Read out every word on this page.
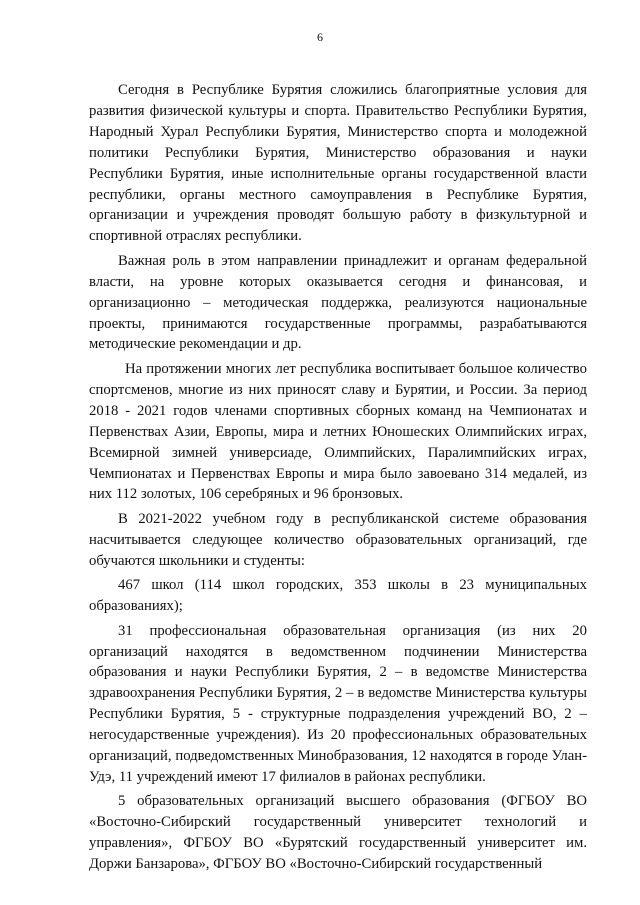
6

Сегодня в Республике Бурятия сложились благоприятные условия для развития физической культуры и спорта. Правительство Республики Бурятия, Народный Хурал Республики Бурятия, Министерство спорта и молодежной политики Республики Бурятия, Министерство образования и науки Республики Бурятия, иные исполнительные органы государственной власти республики, органы местного самоуправления в Республике Бурятия, организации и учреждения проводят большую работу в физкультурной и спортивной отраслях республики.

Важная роль в этом направлении принадлежит и органам федеральной власти, на уровне которых оказывается сегодня и финансовая, и организационно – методическая поддержка, реализуются национальные проекты, принимаются государственные программы, разрабатываются методические рекомендации и др.

На протяжении многих лет республика воспитывает большое количество спортсменов, многие из них приносят славу и Бурятии, и России. За период 2018 - 2021 годов членами спортивных сборных команд на Чемпионатах и Первенствах Азии, Европы, мира и летних Юношеских Олимпийских играх, Всемирной зимней универсиаде, Олимпийских, Паралимпийских играх, Чемпионатах и Первенствах Европы и мира было завоевано 314 медалей, из них 112 золотых, 106 серебряных и 96 бронзовых.

В 2021-2022 учебном году в республиканской системе образования насчитывается следующее количество образовательных организаций, где обучаются школьники и студенты:

467 школ (114 школ городских, 353 школы в 23 муниципальных образованиях);

31 профессиональная образовательная организация (из них 20 организаций находятся в ведомственном подчинении Министерства образования и науки Республики Бурятия, 2 – в ведомстве Министерства здравоохранения Республики Бурятия, 2 – в ведомстве Министерства культуры Республики Бурятия, 5 - структурные подразделения учреждений ВО, 2 – негосударственные учреждения). Из 20 профессиональных образовательных организаций, подведомственных Минобразования, 12 находятся в городе Улан-Удэ, 11 учреждений имеют 17 филиалов в районах республики.

5 образовательных организаций высшего образования (ФГБОУ ВО «Восточно-Сибирский государственный университет технологий и управления», ФГБОУ ВО «Бурятский государственный университет им. Доржи Банзарова», ФГБОУ ВО «Восточно-Сибирский государственный
